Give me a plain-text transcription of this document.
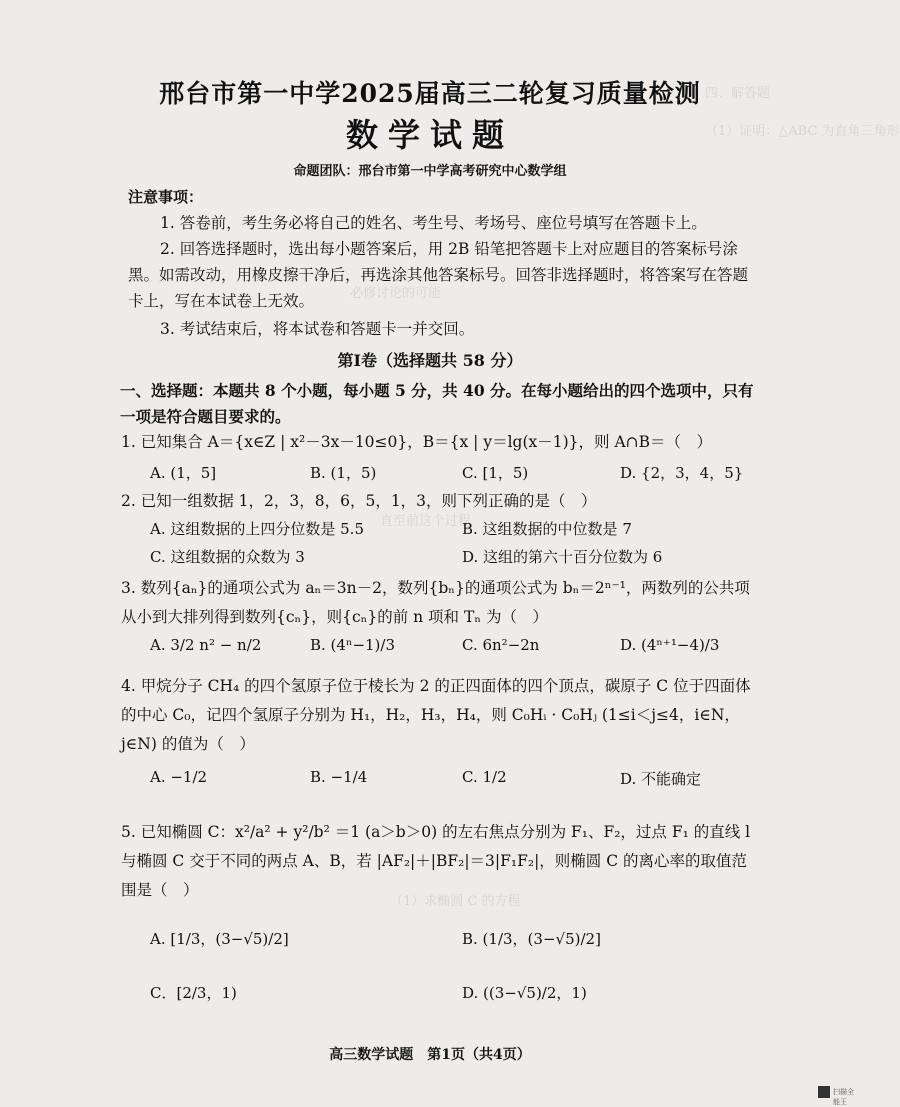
四、解答题
（1）证明：△ABC 为直角三角形
必修讨论的可能
直至前这个过程
（1）求椭圆 C 的方程
邢台市第一中学2025届高三二轮复习质量检测
数学试题
命题团队：邢台市第一中学高考研究中心数学组
注意事项：
1. 答卷前，考生务必将自己的姓名、考生号、考场号、座位号填写在答题卡上。
2. 回答选择题时，选出每小题答案后，用 2B 铅笔把答题卡上对应题目的答案标号涂黑。如需改动，用橡皮擦干净后，再选涂其他答案标号。回答非选择题时，将答案写在答题卡上，写在本试卷上无效。
3. 考试结束后，将本试卷和答题卡一并交回。
第Ⅰ卷（选择题共 58 分）
一、选择题：本题共 8 个小题，每小题 5 分，共 40 分。在每小题给出的四个选项中，只有一项是符合题目要求的。
1. 已知集合 A＝{x∈Z | x²－3x－10≤0}，B＝{x | y＝lg(x－1)}，则 A∩B＝（　）
A. (1，5]	B. (1，5)	C. [1，5)	D. {2，3，4，5}
2. 已知一组数据 1，2，3，8，6，5，1，3，则下列正确的是（　）
A. 这组数据的上四分位数是 5.5	B. 这组数据的中位数是 7
C. 这组数据的众数为 3	D. 这组的第六十百分位数为 6
3. 数列{aₙ}的通项公式为 aₙ＝3n－2，数列{bₙ}的通项公式为 bₙ＝2ⁿ⁻¹，两数列的公共项从小到大排列得到数列{cₙ}，则{cₙ}的前 n 项和 Tₙ 为（　）
A. 3/2 n² − n/2	B. (4ⁿ−1)/3	C. 6n²−2n	D. (4ⁿ⁺¹−4)/3
4. 甲烷分子 CH₄ 的四个氢原子位于棱长为 2 的正四面体的四个顶点，碳原子 C 位于四面体的中心 C₀，记四个氢原子分别为 H₁，H₂，H₃，H₄，则 C₀Hᵢ · C₀Hⱼ (1≤i＜j≤4，i∈N，j∈N) 的值为（　）
A. −1/2	B. −1/4	C. 1/2	D. 不能确定
5. 已知椭圆 C：x²/a² + y²/b² ＝1 (a＞b＞0) 的左右焦点分别为 F₁、F₂，过点 F₁ 的直线 l 与椭圆 C 交于不同的两点 A、B，若 |AF₂|＋|BF₂|＝3|F₁F₂|，则椭圆 C 的离心率的取值范围是（　）
A. [1/3，(3−√5)/2]	B. (1/3，(3−√5)/2]
C．[2/3，1)	D. ((3−√5)/2，1)
高三数学试题　第1页（共4页）
扫描全能王
